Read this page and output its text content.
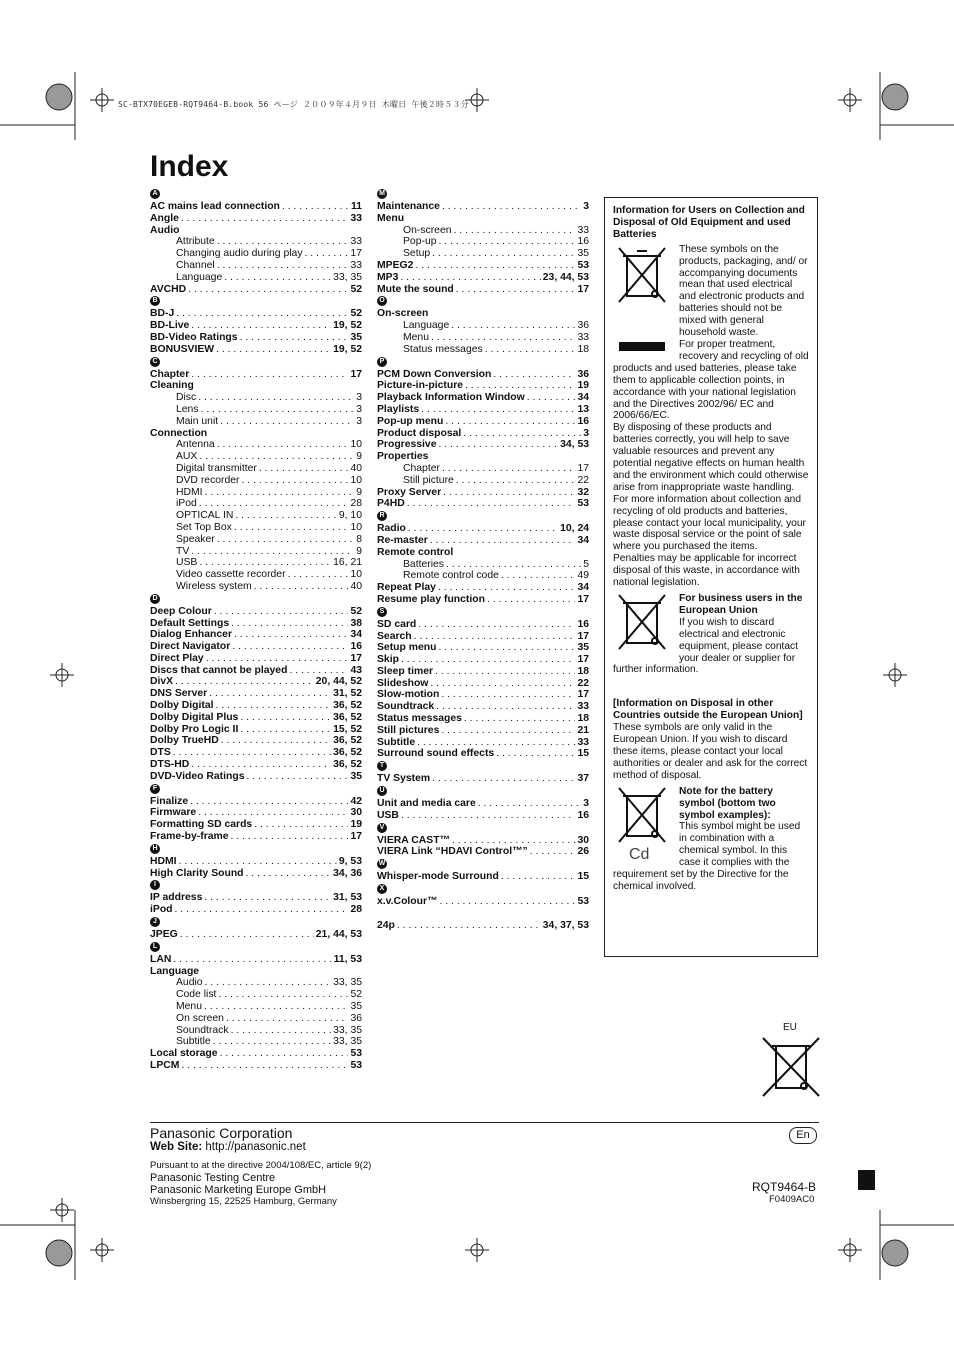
SC-BTX70EGEB-RQT9464-B.book 56 ページ ２００９年４月９日 木曜日 午後２時５３分
Index
A
AC mains lead connection . . .	11
Angle . . .	33
Audio
Attribute . . .	33
Changing audio during play . . .	17
Channel . . .	33
Language . . .	33, 35
AVCHD . . .	52
B
BD-J . . .	52
BD-Live . . .	19, 52
BD-Video Ratings . . .	35
BONUSVIEW . . .	19, 52
C
Chapter . . .	17
Cleaning
Disc . . .	3
Lens . . .	3
Main unit . . .	3
Connection
Antenna . . .	10
AUX . . .	9
Digital transmitter . . .	40
DVD recorder . . .	10
HDMI . . .	9
iPod . . .	28
OPTICAL IN . . .	9, 10
Set Top Box . . .	10
Speaker . . .	8
TV . . .	9
USB . . .	16, 21
Video cassette recorder . . .	10
Wireless system . . .	40
D
Deep Colour . . .	52
Default Settings . . .	38
Dialog Enhancer . . .	34
Direct Navigator . . .	16
Direct Play . . .	17
Discs that cannot be played . . .	43
DivX . . .	20, 44, 52
DNS Server . . .	31, 52
Dolby Digital . . .	36, 52
Dolby Digital Plus . . .	36, 52
Dolby Pro Logic II . . .	15, 52
Dolby TrueHD . . .	36, 52
DTS . . .	36, 52
DTS-HD . . .	36, 52
DVD-Video Ratings . . .	35
F
Finalize . . .	42
Firmware . . .	30
Formatting SD cards . . .	19
Frame-by-frame . . .	17
H
HDMI . . .	9, 53
High Clarity Sound . . .	34, 36
I
IP address . . .	31, 53
iPod . . .	28
J
JPEG . . .	21, 44, 53
L
LAN . . .	11, 53
Language
Audio . . .	33, 35
Code list . . .	52
Menu . . .	35
On screen . . .	36
Soundtrack . . .	33, 35
Subtitle . . .	33, 35
Local storage . . .	53
LPCM . . .	53
M
Maintenance . . .	3
Menu
On-screen . . .	33
Pop-up . . .	16
Setup . . .	35
MPEG2 . . .	53
MP3 . . .	23, 44, 53
Mute the sound . . .	17
O
On-screen
Language . . .	36
Menu . . .	33
Status messages . . .	18
P
PCM Down Conversion . . .	36
Picture-in-picture . . .	19
Playback Information Window . . .	34
Playlists . . .	13
Pop-up menu . . .	16
Product disposal . . .	3
Progressive . . .	34, 53
Properties
Chapter . . .	17
Still picture . . .	22
Proxy Server . . .	32
P4HD . . .	53
R
Radio . . .	10, 24
Re-master . . .	34
Remote control
Batteries . . .	5
Remote control code . . .	49
Repeat Play . . .	34
Resume play function . . .	17
S
SD card . . .	16
Search . . .	17
Setup menu . . .	35
Skip . . .	17
Sleep timer . . .	18
Slideshow . . .	22
Slow-motion . . .	17
Soundtrack . . .	33
Status messages . . .	18
Still pictures . . .	21
Subtitle . . .	33
Surround sound effects . . .	15
T
TV System . . .	37
U
Unit and media care . . .	3
USB . . .	16
V
VIERA CAST™ . . .	30
VIERA Link “HDAVI Control™” . . .	26
W
Whisper-mode Surround . . .	15
X
x.v.Colour™ . . .	53
24p . . .	34, 37, 53

Information for Users on Collection and Disposal of Old Equipment and used Batteries

These symbols on the products, packaging, and/ or accompanying documents mean that used electrical and electronic products and batteries should not be mixed with general household waste.

For proper treatment, recovery and recycling of old products and used batteries, please take them to applicable collection points, in accordance with your national legislation and the Directives 2002/96/ EC and 2006/66/EC.

By disposing of these products and batteries correctly, you will help to save valuable resources and prevent any potential negative effects on human health and the environment which could otherwise arise from inappropriate waste handling.

For more information about collection and recycling of old products and batteries, please contact your local municipality, your waste disposal service or the point of sale where you purchased the items.

Penalties may be applicable for incorrect disposal of this waste, in accordance with national legislation.

For business users in the European Union

If you wish to discard electrical and electronic equipment, please contact your dealer or supplier for further information.

[Information on Disposal in other Countries outside the European Union]

These symbols are only valid in the European Union. If you wish to discard these items, please contact your local authorities or dealer and ask for the correct method of disposal.

Cd

Note for the battery symbol (bottom two symbol examples):

This symbol might be used in combination with a chemical symbol. In this case it complies with the requirement set by the Directive for the chemical involved.

EU
Panasonic Corporation
Web Site: http://panasonic.net
Pursuant to at the directive 2004/108/EC, article 9(2)
Panasonic Testing Centre
Panasonic Marketing Europe GmbH
Winsbergring 15, 22525 Hamburg, Germany
En
RQT9464-B
F0409AC0
